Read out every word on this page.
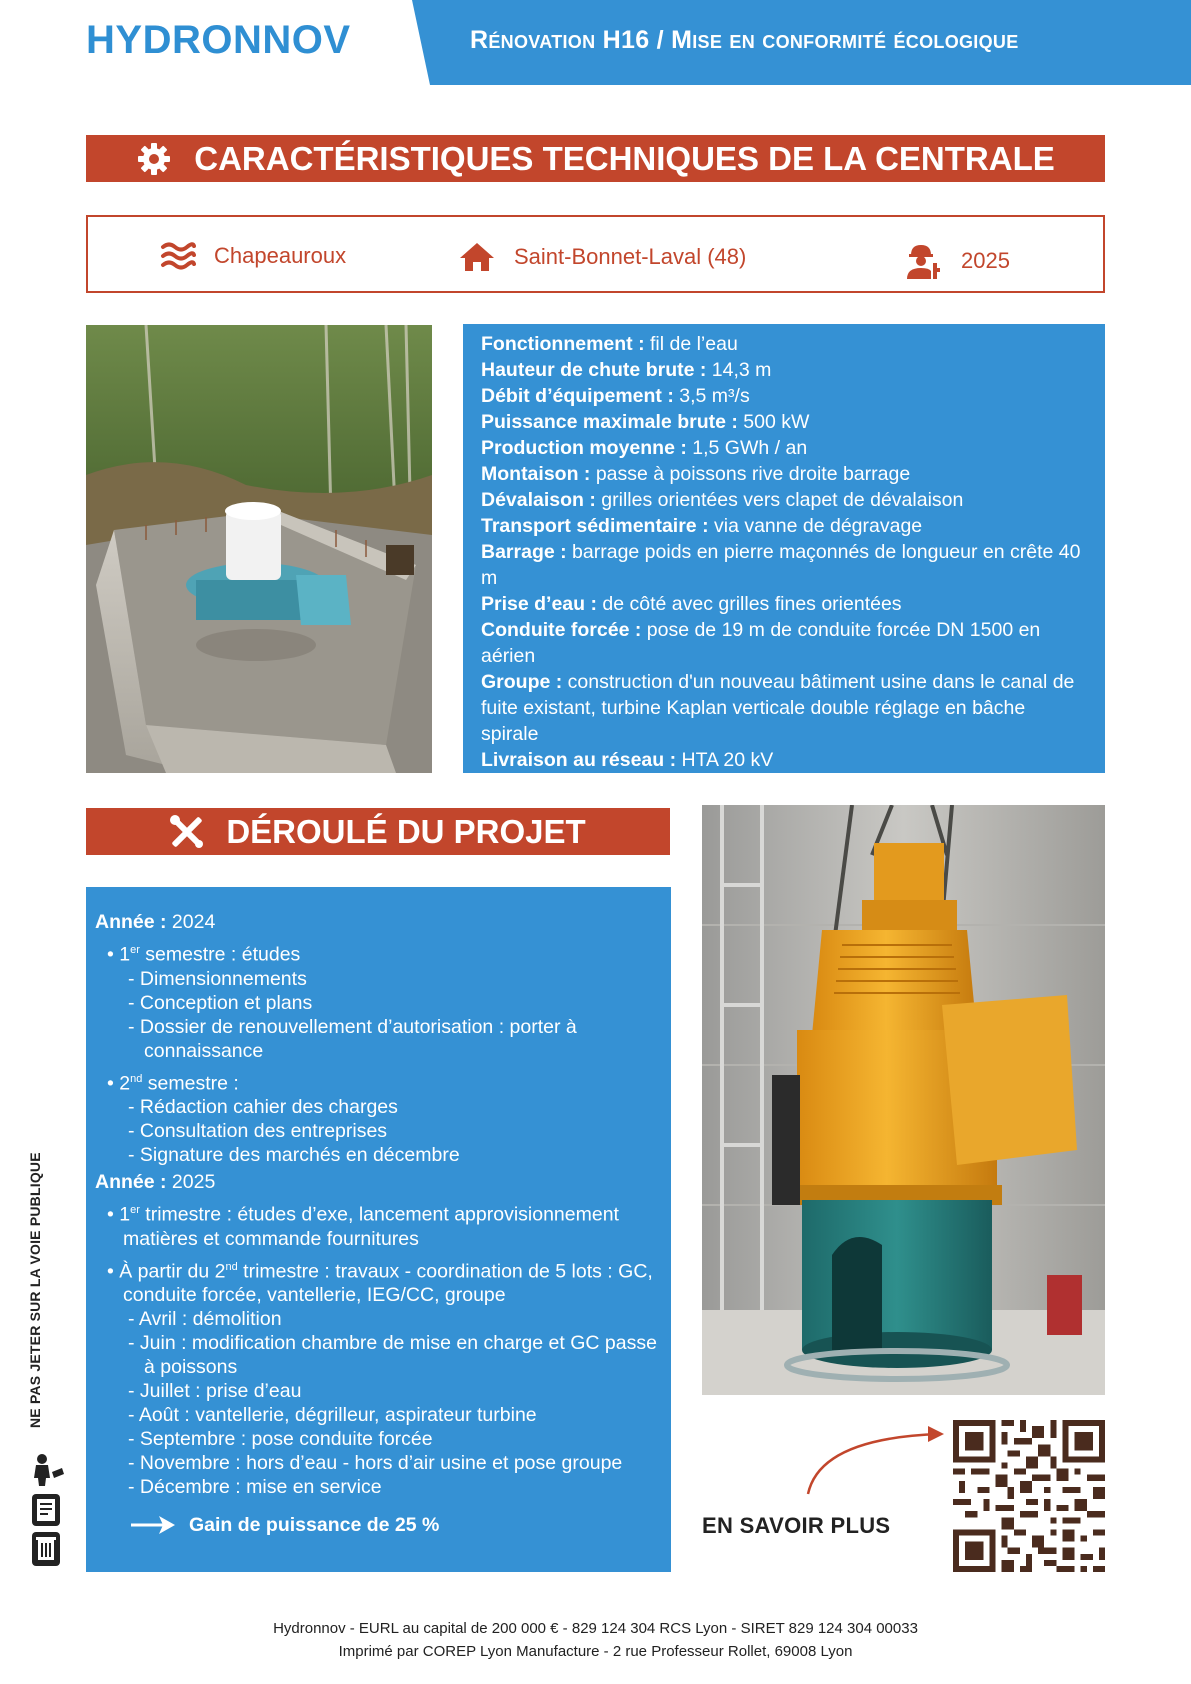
HYDRONNOV	Rénovation H16 / Mise en conformité écologique
CARACTÉRISTIQUES TECHNIQUES DE LA CENTRALE
Chapeauroux	Saint-Bonnet-Laval (48)	2025
Fonctionnement : fil de l’eau
Hauteur de chute brute : 14,3 m
Débit d’équipement : 3,5 m³/s
Puissance maximale brute : 500 kW
Production moyenne : 1,5 GWh / an
Montaison : passe à poissons rive droite barrage
Dévalaison : grilles orientées vers clapet de dévalaison
Transport sédimentaire : via vanne de dégravage
Barrage : barrage poids en pierre maçonnés de longueur en crête 40 m
Prise d’eau : de côté avec grilles fines orientées
Conduite forcée : pose de 19 m de conduite forcée DN 1500 en aérien
Groupe : construction d'un nouveau bâtiment usine dans le canal de fuite existant, turbine Kaplan verticale double réglage en bâche spirale
Livraison au réseau : HTA 20 kV
DÉROULÉ DU PROJET
Année : 2024
• 1er semestre : études
- Dimensionnements
- Conception et plans
- Dossier de renouvellement d’autorisation : porter à connaissance
• 2nd semestre :
- Rédaction cahier des charges
- Consultation des entreprises
- Signature des marchés en décembre
Année : 2025
• 1er trimestre : études d’exe, lancement approvisionnement matières et commande fournitures
• À partir du 2nd trimestre : travaux - coordination de 5 lots : GC, conduite forcée, vantellerie, IEG/CC, groupe
- Avril : démolition
- Juin : modification chambre de mise en charge et GC passe à poissons
- Juillet : prise d’eau
- Août : vantellerie, dégrilleur, aspirateur turbine
- Septembre : pose conduite forcée
- Novembre : hors d’eau - hors d’air usine et pose groupe
- Décembre : mise en service
Gain de puissance de 25 %	EN SAVOIR PLUS
NE PAS JETER SUR LA VOIE PUBLIQUE
Hydronnov - EURL au capital de 200 000 € - 829 124 304 RCS Lyon - SIRET 829 124 304 00033
Imprimé par COREP Lyon Manufacture - 2 rue Professeur Rollet, 69008 Lyon
